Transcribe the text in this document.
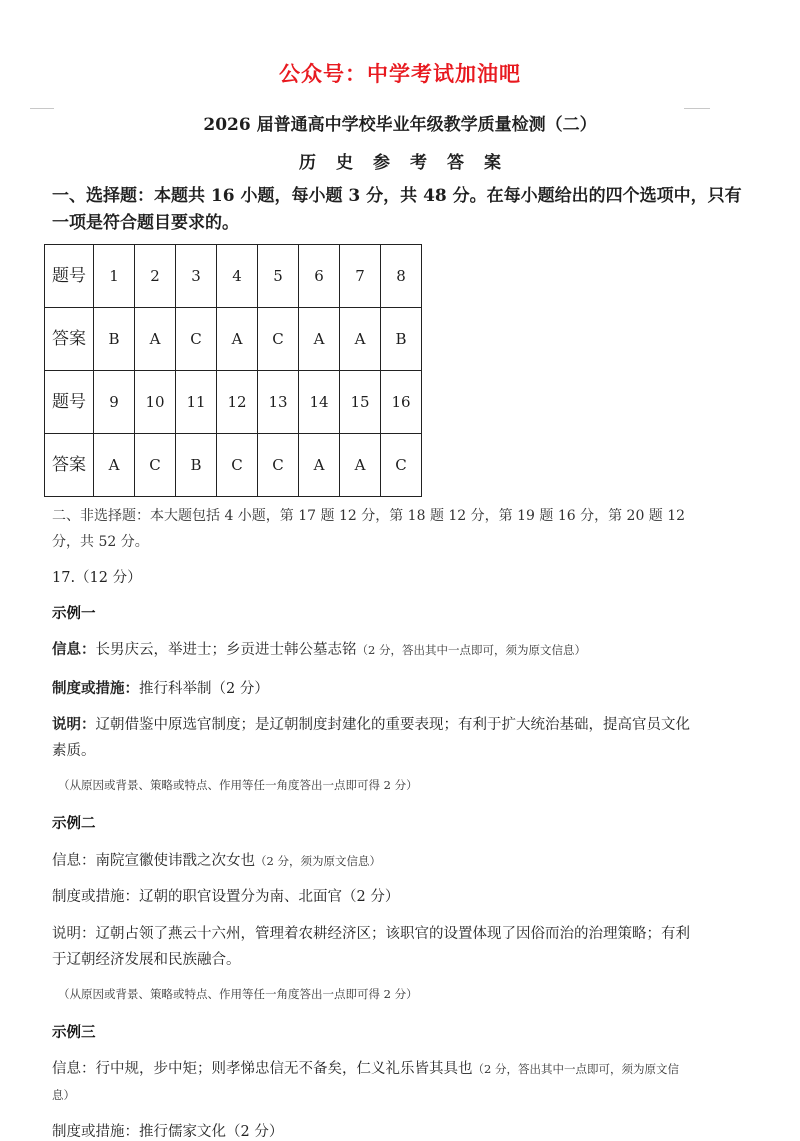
公众号：中学考试加油吧
2026 届普通高中学校毕业年级教学质量检测（二）
历史参考答案
一、选择题：本题共 16 小题，每小题 3 分，共 48 分。在每小题给出的四个选项中，只有一项是符合题目要求的。
题号	1	2	3	4	5	6	7	8
答案	B	A	C	A	C	A	A	B
题号	9	10	11	12	13	14	15	16
答案	A	C	B	C	C	A	A	C
二、非选择题：本大题包括 4 小题，第 17 题 12 分，第 18 题 12 分，第 19 题 16 分，第 20 题 12 分，共 52 分。
17.（12 分）
示例一
信息：长男庆云，举进士；乡贡进士韩公墓志铭（2 分，答出其中一点即可，须为原文信息）
制度或措施：推行科举制（2 分）
说明：辽朝借鉴中原选官制度；是辽朝制度封建化的重要表现；有利于扩大统治基础，提高官员文化素质。
（从原因或背景、策略或特点、作用等任一角度答出一点即可得 2 分）
示例二
信息：南院宣徽使讳戬之次女也（2 分，须为原文信息）
制度或措施：辽朝的职官设置分为南、北面官（2 分）
说明：辽朝占领了燕云十六州，管理着农耕经济区；该职官的设置体现了因俗而治的治理策略；有利于辽朝经济发展和民族融合。
（从原因或背景、策略或特点、作用等任一角度答出一点即可得 2 分）
示例三
信息：行中规，步中矩；则孝悌忠信无不备矣，仁义礼乐皆其具也（2 分，答出其中一点即可，须为原文信息）
制度或措施：推行儒家文化（2 分）
